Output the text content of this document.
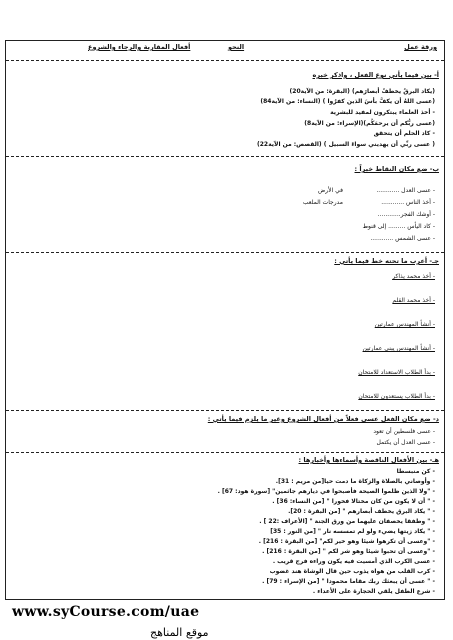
ورقة عمل
النحو
أفعال المقاربة والرجاء والشروع
أ- بين فيما يأتي نوع الفعل ، واذكر خبره
(يكاد البرقُ يخطفُ أبصارَهم) (البقرة: من الآية20)
(عسى اللهُ أن يكفَّ بأسَ الذين كفرُوا ) (النساء: من الآية84)
- أخذ العلماء يبتكرون لمفيد للبشرية
(عسى ربُّكم أن يرحمَكُم)(الإسراء: من الآية8)
- كاد الحلم أن يتحقق
( عسى ربِّي أن يهديني سواءَ السبيل ) (القصص: من الآية22)
ب- ضع مكان النقاط خبراً :
- عسى العدل ............
- أخذ الناس ............
- أوشك الفجر............
- كاد اليأس ......... إلى قنوط
- عسى الشمس ............
في الأرض
مدرجات الملعب
جـ- أعرب ما تحته خط فيما يأتي :
- أخذ محمد يذاكر
- أخذ محمد القلم
- أنشأ المهندس عمارتين
- أنشأ المهندس يبني عمارتين
- بدأ الطلاب الاستعداد للامتحان
- بدأ الطلاب يستعدون للامتحان
د- ضع مكان الفعل عسى فعلاً من أفعال الشروع وغير ما يلزم فيما يأتي :
- عسى فلسطين أن تعود
- عسى العدل أن يكتمل
هـ- بين الأفعال الناقصة وأسماءها وأخبارها :
- كن منبسطا
- وأوصاني بالصلاة والزكاة ما دمت حيا[من مريم : 31].
- "ولا الذين ظلموا الصيحة فأصبحوا في ديارهم جاثمين" [سورة هود: 67] .
- " أن لا يكون من كان مختالا فخورا " [من النساء: 36] .
- " يكاد البرق يخطف أبصارهم " [من البقرة : 20].
- " وطفقا يخصفان عليهما من ورق الجنة " [الأعراف :22 ] .
- " يكاد زيتها يضيء ولو لم تمسسه نار " [من النور : 35]
- "وعسى أن تكرهوا شيئا وهو خير لكم" [من البقرة : 216] .
- "وعسى أن تحبوا شيئا وهو شر لكم " [من البقرة : 216] .
- عسى الكرب الذي أمسيت فيه يكون وراءه فرج قريب .
- كرب القلب من هواه يذوب حين قال الوشاة هند غضوب
- " عسى أن يبعثك ربك مقاما محمودا " [من الإسراء : 79] .
- شرع الطفل يلقي الحجارة على الأعداء .
www.syCourse.com/uae
موقع المناهج
